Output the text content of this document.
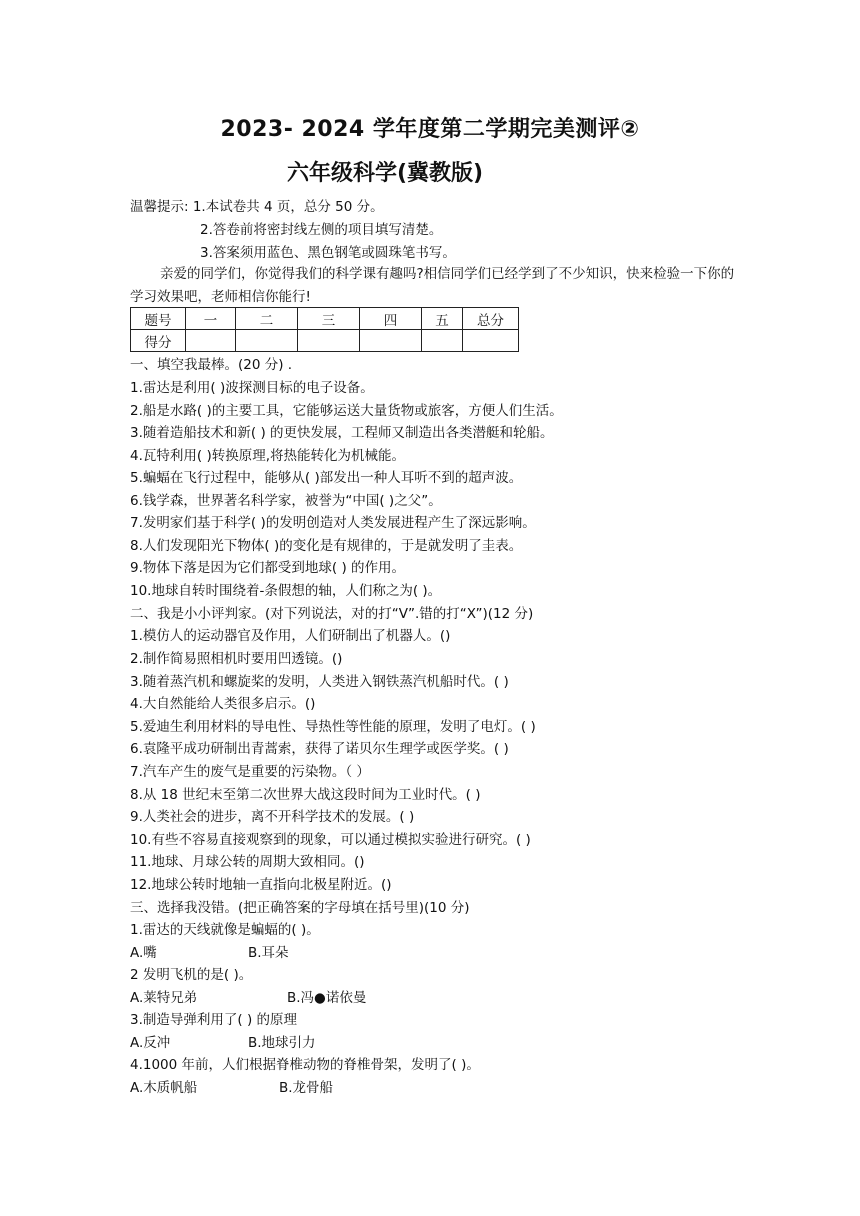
2023- 2024 学年度第二学期完美测评②
六年级科学(冀教版)
温馨提示: 1.本试卷共 4 页，总分 50 分。
2.答卷前将密封线左侧的项目填写清楚。
3.答案须用蓝色、黑色钢笔或圆珠笔书写。
亲爱的同学们，你觉得我们的科学课有趣吗?相信同学们已经学到了不少知识，快来检验一下你的学习效果吧，老师相信你能行!
题号	一	二	三	四	五	总分
得分						
一、填空我最棒。(20 分) .
1.雷达是利用( )波探测目标的电子设备。
2.船是水路( )的主要工具，它能够运送大量货物或旅客，方便人们生活。
3.随着造船技术和新( ) 的更快发展，工程师又制造出各类潜艇和轮船。
4.瓦特利用( )转换原理,将热能转化为机械能。
5.蝙蝠在飞行过程中，能够从( )部发出一种人耳听不到的超声波。
6.钱学森，世界著名科学家，被誉为“中国( )之父”。
7.发明家们基于科学( )的发明创造对人类发展进程产生了深远影响。
8.人们发现阳光下物体( )的变化是有规律的，于是就发明了圭表。
9.物体下落是因为它们都受到地球( ) 的作用。
10.地球自转时围绕着-条假想的轴，人们称之为( )。
二、我是小小评判家。(对下列说法，对的打“V”.错的打“X”)(12 分)
1.模仿人的运动器官及作用，人们研制出了机器人。()
2.制作简易照相机时要用凹透镜。()
3.随着蒸汽机和螺旋桨的发明，人类进入钢铁蒸汽机船时代。( )
4.大自然能给人类很多启示。()
5.爱迪生利用材料的导电性、导热性等性能的原理，发明了电灯。( )
6.袁隆平成功研制出青蒿索，获得了诺贝尔生理学或医学奖。( )
7.汽车产生的废气是重要的污染物。（ ）
8.从 18 世纪末至第二次世界大战这段时间为工业时代。( )
9.人类社会的进步，离不开科学技术的发展。( )
10.有些不容易直接观察到的现象，可以通过模拟实验进行研究。( )
11.地球、月球公转的周期大致相同。()
12.地球公转时地轴一直指向北极星附近。()
三、选择我没错。(把正确答案的字母填在括号里)(10 分)
1.雷达的天线就像是蝙蝠的( )。
A.嘴	B.耳朵
2 发明飞机的是( )。
A.莱特兄弟	B.冯●诺依曼
3.制造导弹利用了( ) 的原理
A.反冲	B.地球引力
4.1000 年前，人们根据脊椎动物的脊椎骨架，发明了( )。
A.木质帆船	B.龙骨船
